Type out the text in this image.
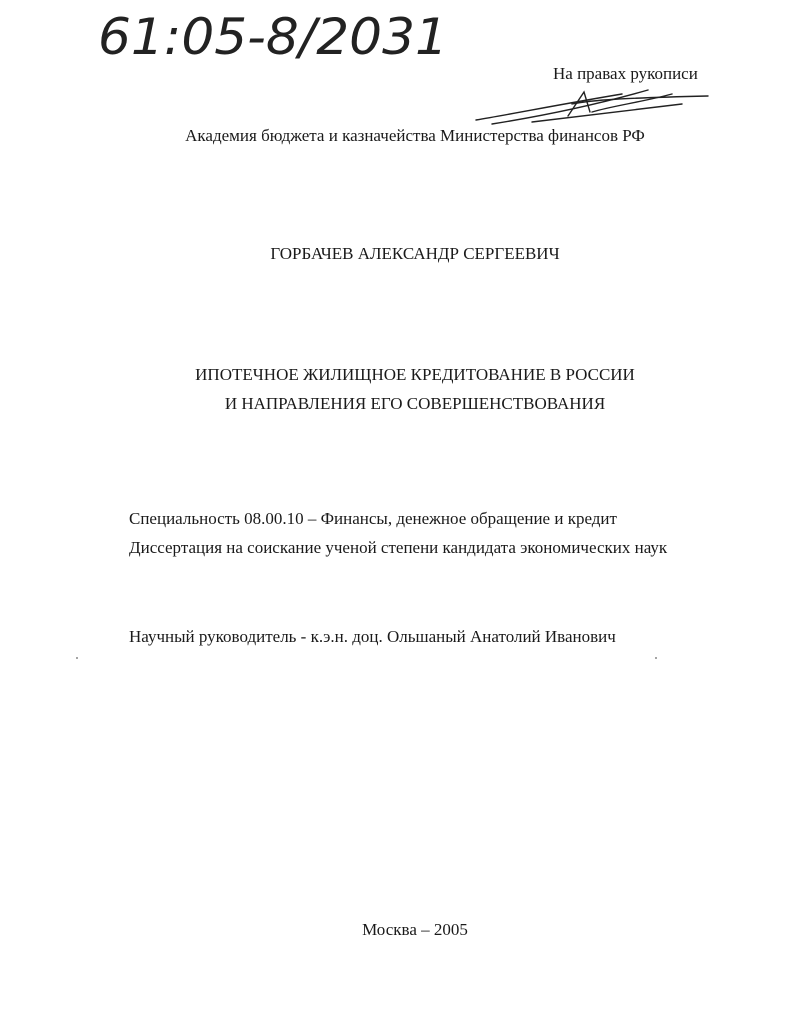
61:05-8/2031
На правах рукописи
Академия бюджета и казначейства Министерства финансов РФ
ГОРБАЧЕВ АЛЕКСАНДР СЕРГЕЕВИЧ
ИПОТЕЧНОЕ ЖИЛИЩНОЕ КРЕДИТОВАНИЕ В РОССИИ
И НАПРАВЛЕНИЯ ЕГО СОВЕРШЕНСТВОВАНИЯ
Специальность 08.00.10 – Финансы, денежное обращение и кредит
Диссертация на соискание ученой степени кандидата экономических наук
Научный руководитель - к.э.н. доц. Ольшаный Анатолий Иванович
Москва – 2005
